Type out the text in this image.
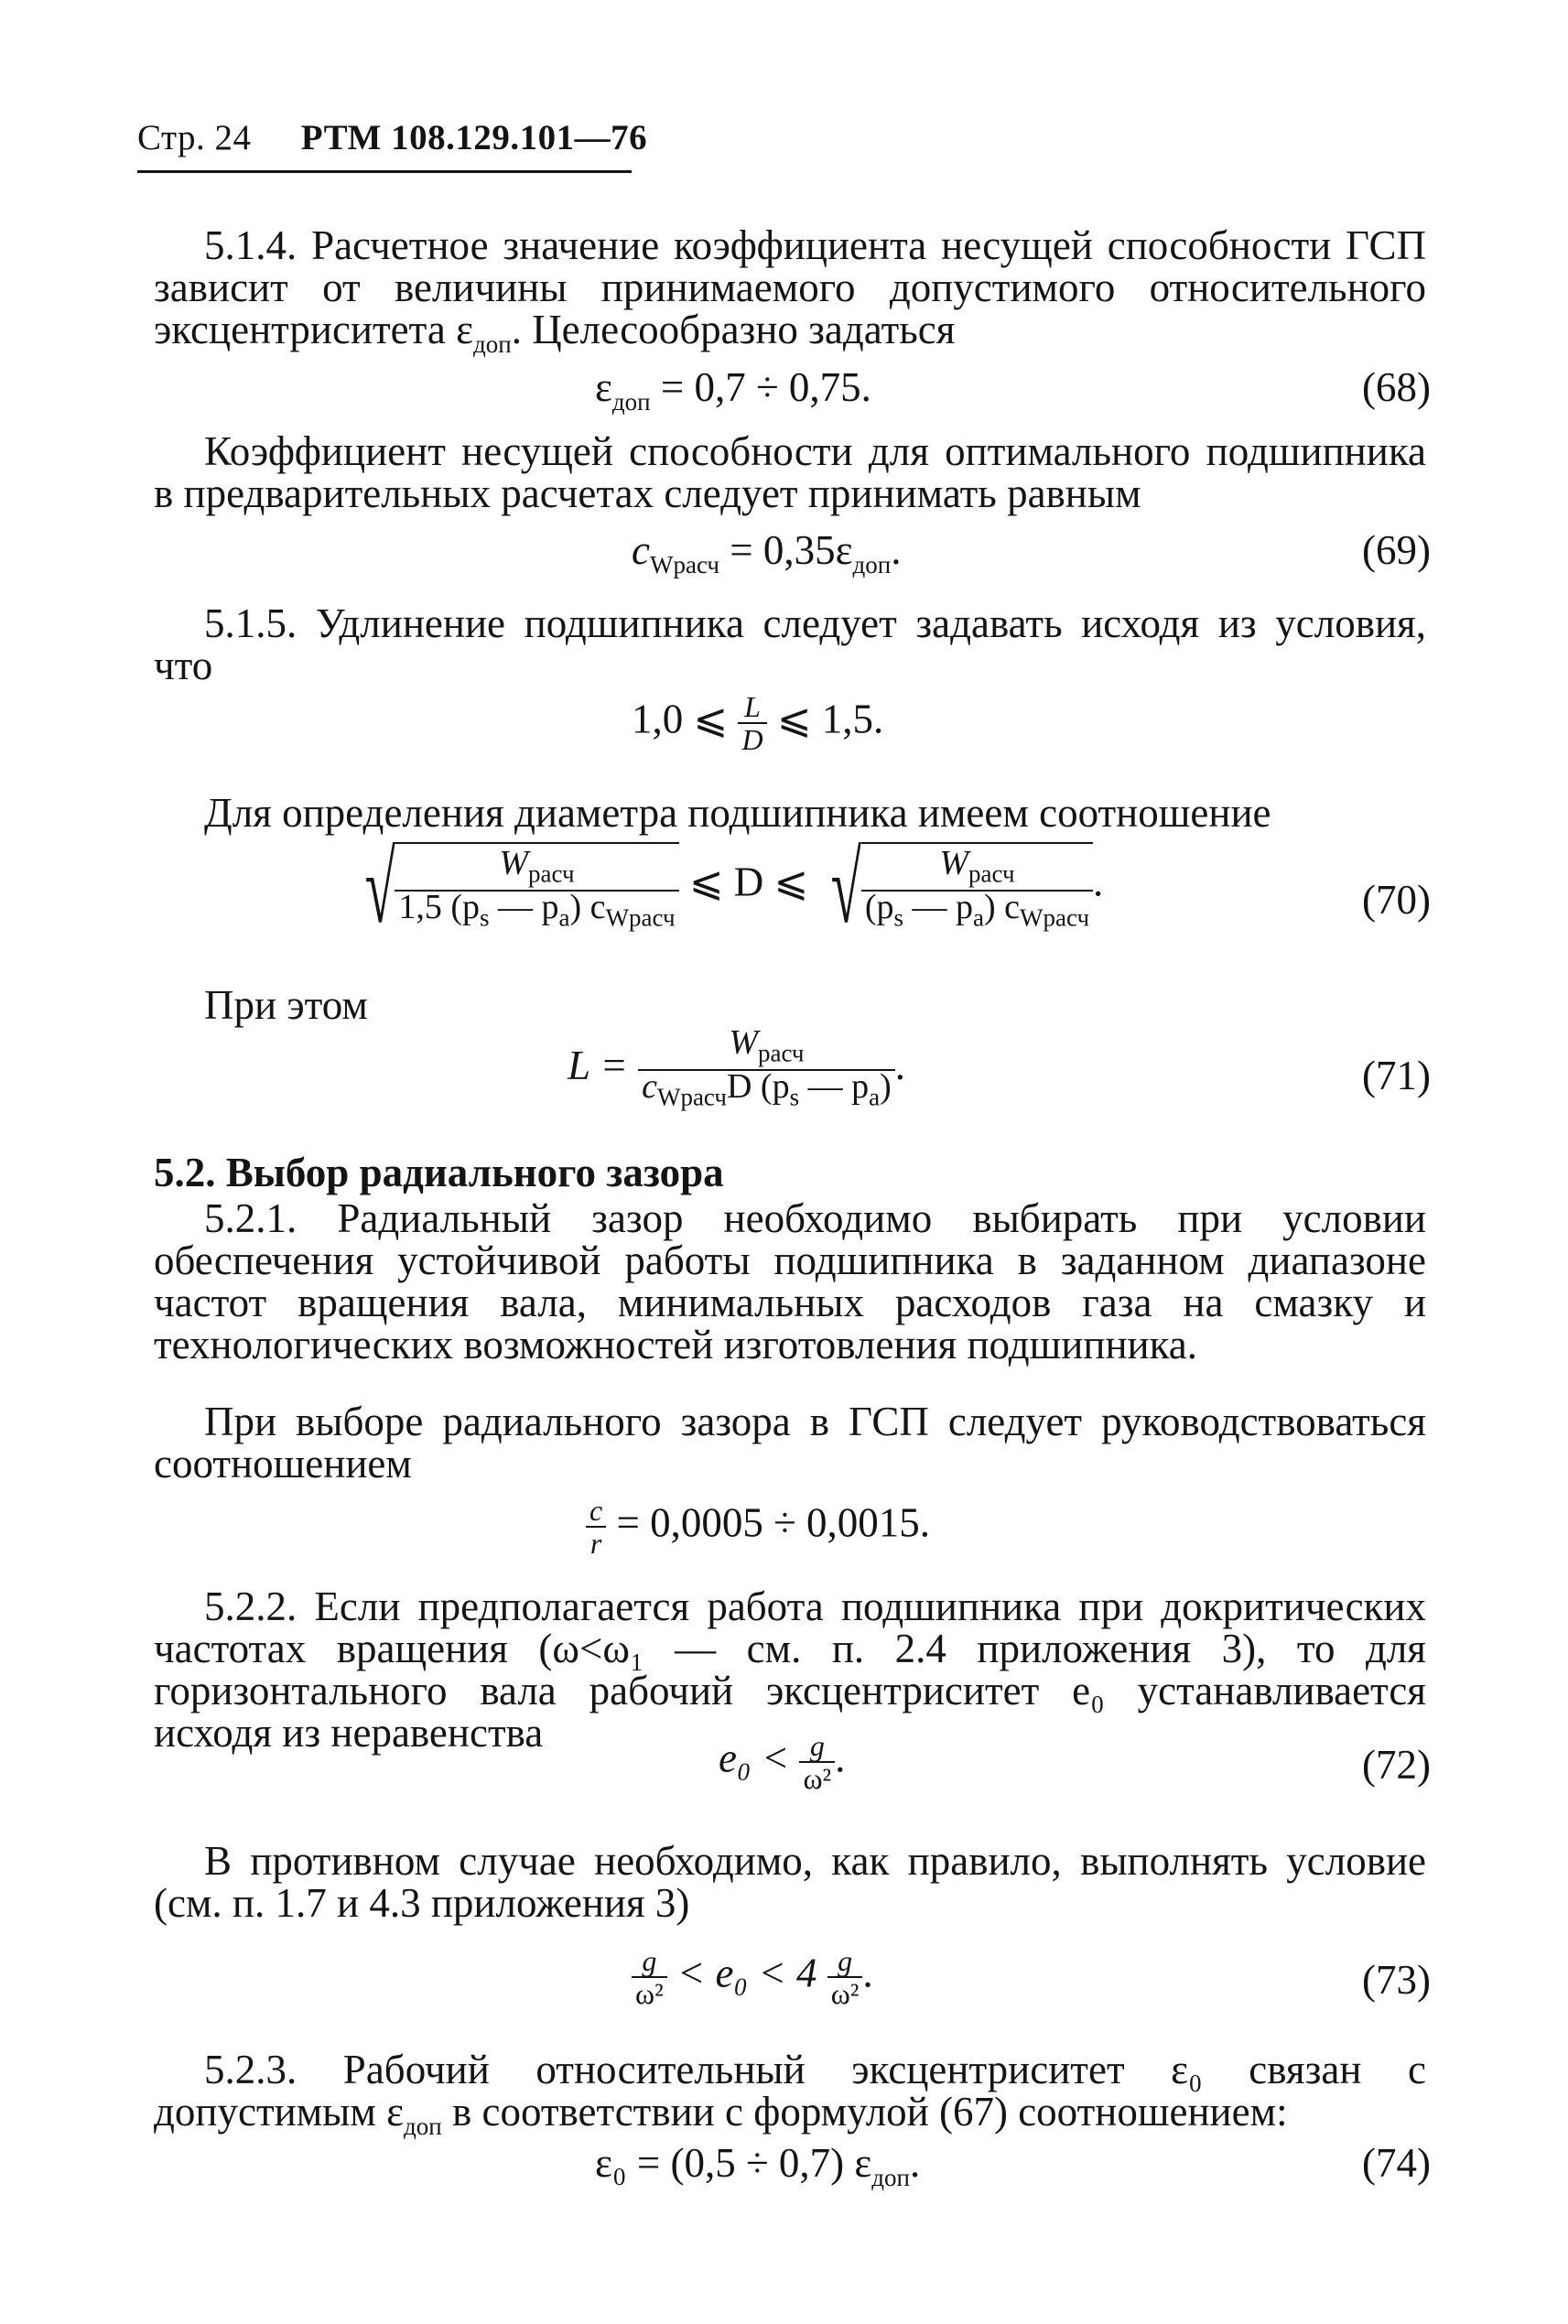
Стр. 24 РТМ 108.129.101—76
5.1.4. Расчетное значение коэффициента несущей способности ГСП зависит от величины принимаемого допустимого относительного эксцентриситета $\varepsilon_{доп}$. Целесообразно задаться
$\varepsilon_{доп} = 0,7 \div 0,75$.	(68)
Коэффициент несущей способности для оптимального подшипника в предварительных расчетах следует принимать равным
$c_{Wрасч} = 0,35\varepsilon_{доп}$.	(69)
5.1.5. Удлинение подшипника следует задавать исходя из условия, что
1,0 ⩽ $\frac{L}{D}$ ⩽ 1,5.
Для определения диаметра подшипника имеем соотношение
√ $\frac{W_{расч}}{1,5 (p_s — p_a) c_{Wрасч}}$ ⩽ D ⩽ √ $\frac{W_{расч}}{(p_s — p_a) c_{Wрасч}}$ .	(70)
При этом
$L = \frac{W_{расч}}{c_{Wрасч}D (p_s — p_a)}$ .	(71)
5.2. Выбор радиального зазора
5.2.1. Радиальный зазор необходимо выбирать при условии обеспечения устойчивой работы подшипника в заданном диапазоне частот вращения вала, минимальных расходов газа на смазку и технологических возможностей изготовления подшипника.
При выборе радиального зазора в ГСП следует руководствоваться соотношением
$\frac{c}{r} = 0,0005 \div 0,0015$.
5.2.2. Если предполагается работа подшипника при докритических частотах вращения (ω<ω₁ — см. п. 2.4 приложения 3), то для горизонтального вала рабочий эксцентриситет e₀ устанавливается исходя из неравенства
$e_0 < \frac{g}{\text{ω²}}$ .	(72)
В противном случае необходимо, как правило, выполнять условие (см. п. 1.7 и 4.3 приложения 3)
$\frac{g}{\text{ω²}} < e_0 < 4 \frac{g}{\text{ω²}}$ .	(73)
5.2.3. Рабочий относительный эксцентриситет ε₀ связан с допустимым $\varepsilon_{доп}$ в соответствии с формулой (67) соотношением:
ε₀ = (0,5 ÷ 0,7) $\varepsilon_{доп}$.	(74)
